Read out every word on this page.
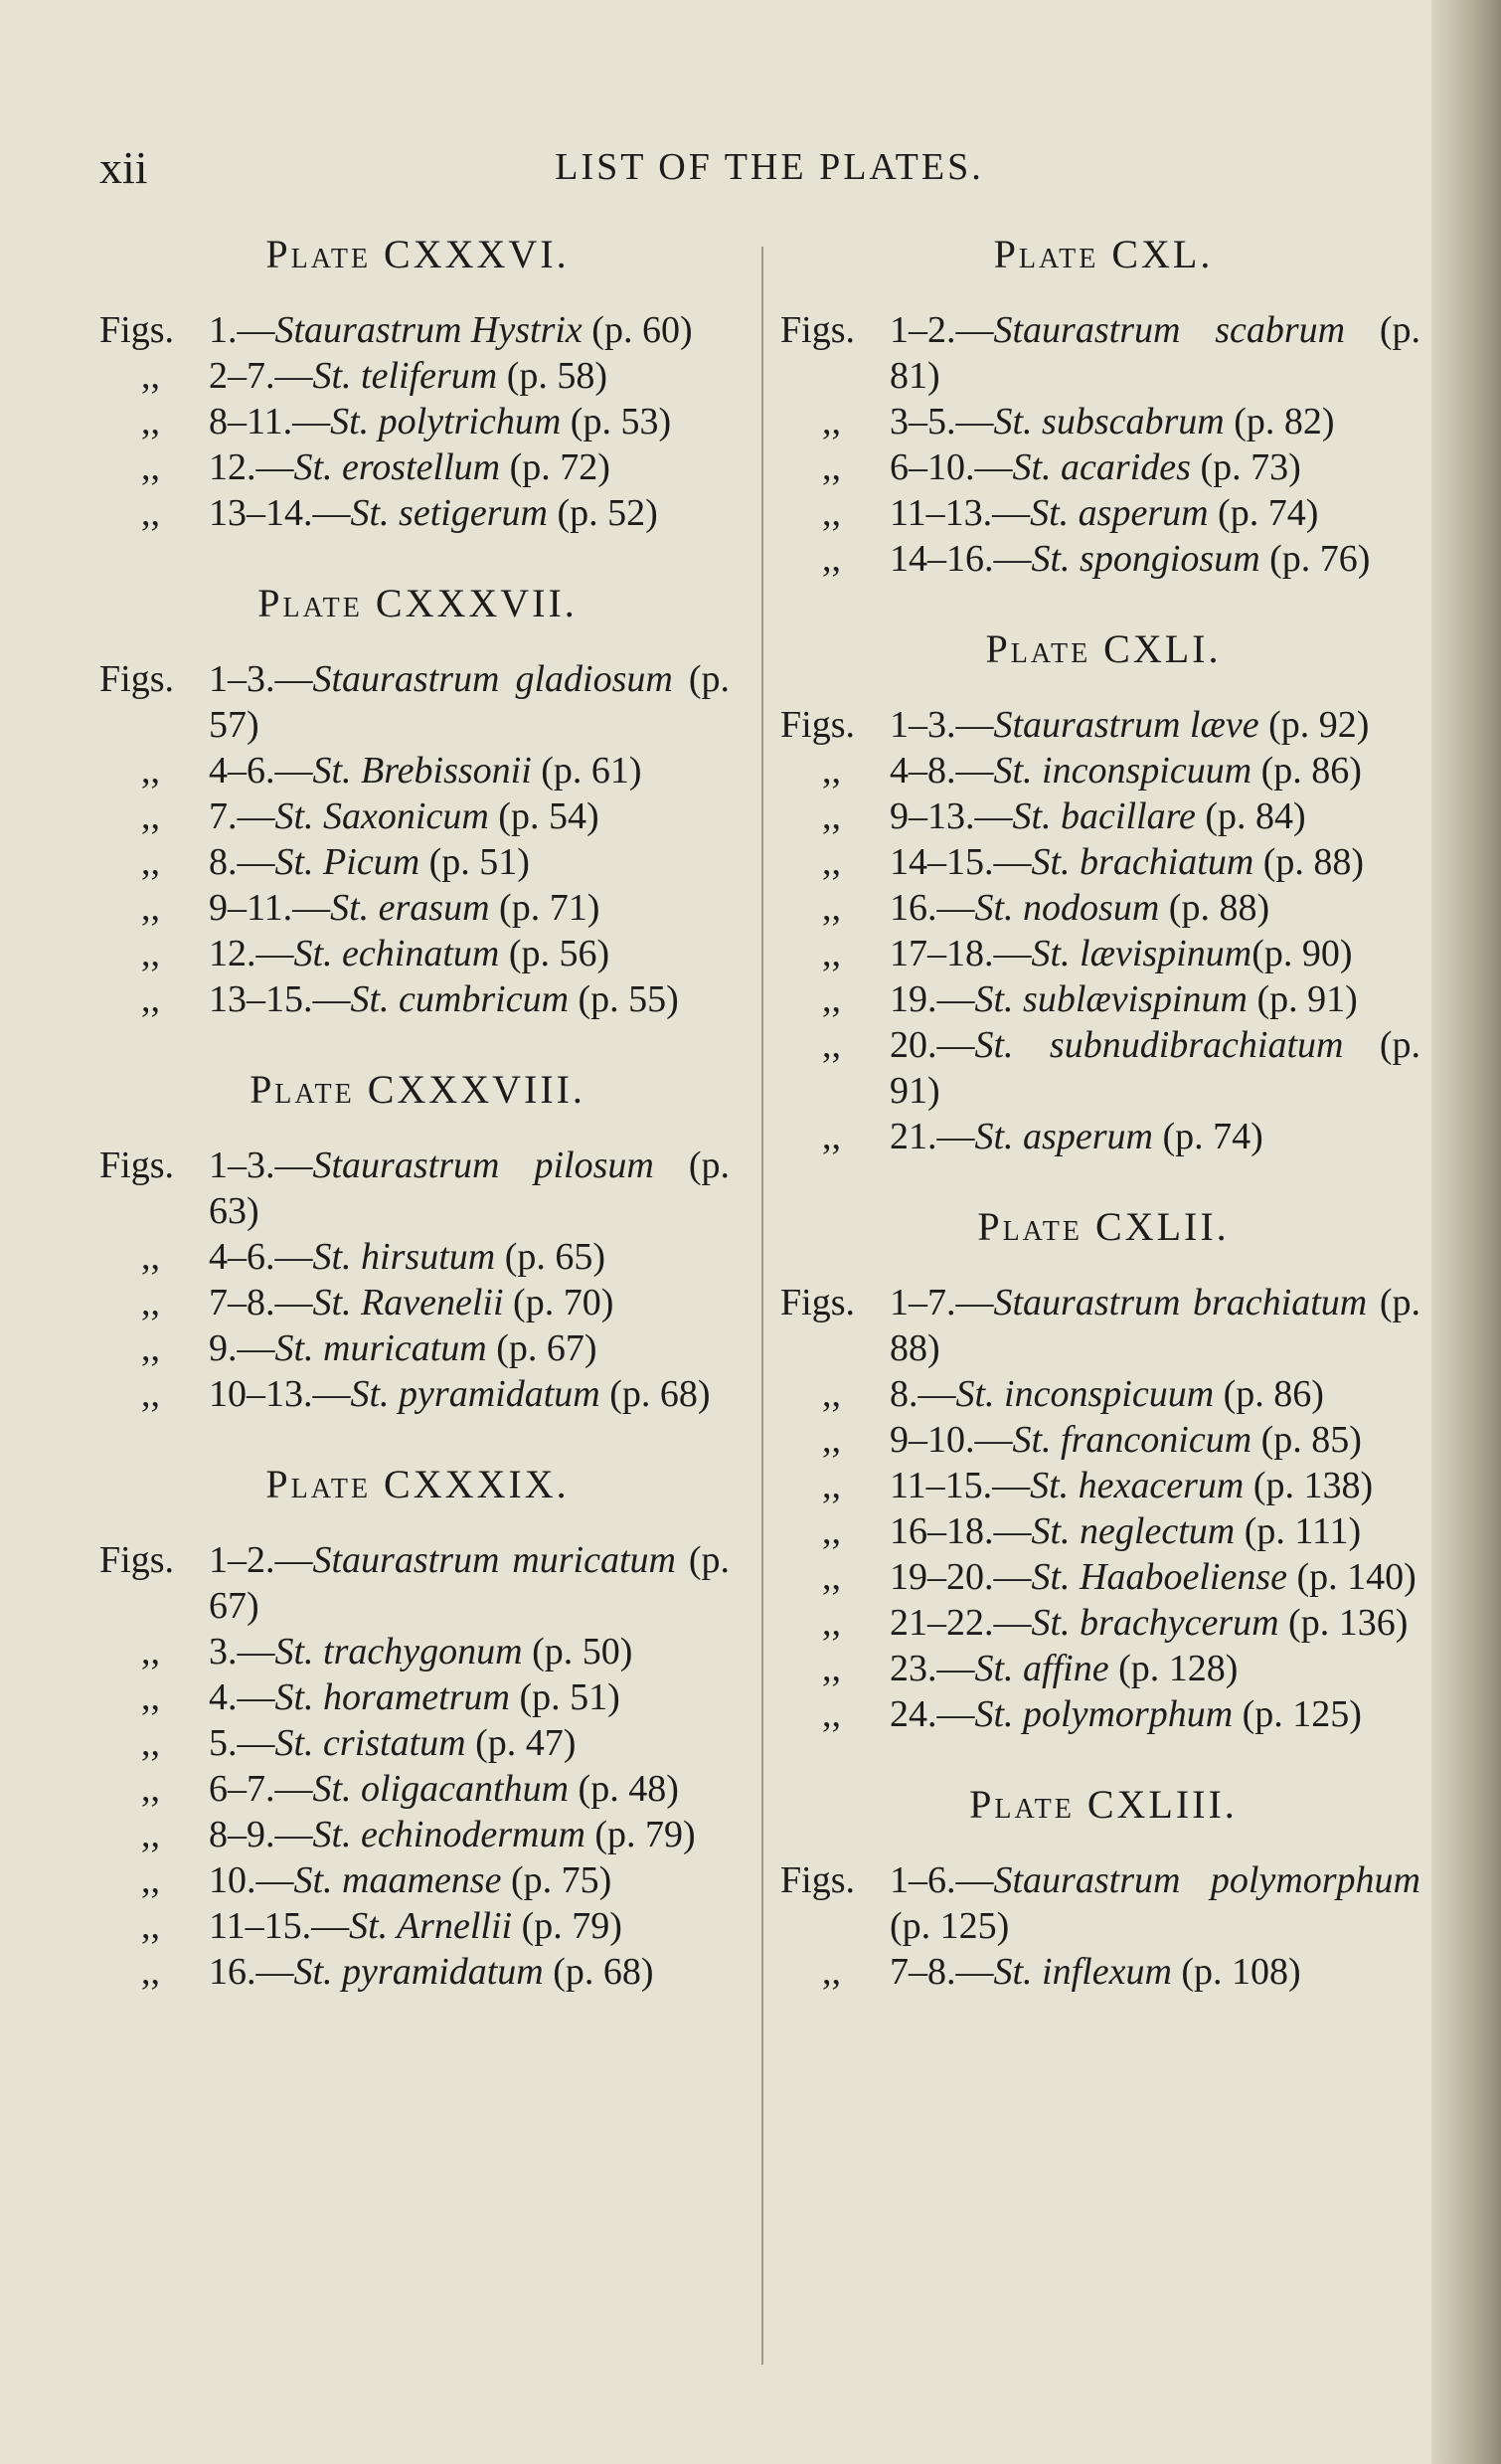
xii	LIST OF THE PLATES.
Plate CXXXVI.
Figs. 1.—Staurastrum Hystrix (p. 60)
,,	2–7.—St. teliferum (p. 58)
,,	8–11.—St. polytrichum (p. 53)
,,	12.—St. erostellum (p. 72)
,,	13–14.—St. setigerum (p. 52)
Plate CXXXVII.
Figs. 1–3.—Staurastrum gladiosum (p. 57)
,,	4–6.—St. Brebissonii (p. 61)
,,	7.—St. Saxonicum (p. 54)
,,	8.—St. Picum (p. 51)
,,	9–11.—St. erasum (p. 71)
,,	12.—St. echinatum (p. 56)
,,	13–15.—St. cumbricum (p. 55)
Plate CXXXVIII.
Figs. 1–3.—Staurastrum pilosum (p. 63)
,,	4–6.—St. hirsutum (p. 65)
,,	7–8.—St. Ravenelii (p. 70)
,,	9.—St. muricatum (p. 67)
,,	10–13.—St. pyramidatum (p. 68)
Plate CXXXIX.
Figs. 1–2.—Staurastrum muricatum (p. 67)
,,	3.—St. trachygonum (p. 50)
,,	4.—St. horametrum (p. 51)
,,	5.—St. cristatum (p. 47)
,,	6–7.—St. oligacanthum (p. 48)
,,	8–9.—St. echinodermum (p. 79)
,,	10.—St. maamense (p. 75)
,,	11–15.—St. Arnellii (p. 79)
,,	16.—St. pyramidatum (p. 68)
Plate CXL.
Figs. 1–2.—Staurastrum scabrum (p. 81)
,,	3–5.—St. subscabrum (p. 82)
,,	6–10.—St. acarides (p. 73)
,,	11–13.—St. asperum (p. 74)
,,	14–16.—St. spongiosum (p. 76)
Plate CXLI.
Figs. 1–3.—Staurastrum læve (p. 92)
,,	4–8.—St. inconspicuum (p. 86)
,,	9–13.—St. bacillare (p. 84)
,,	14–15.—St. brachiatum (p. 88)
,,	16.—St. nodosum (p. 88)
,,	17–18.—St. lævispinum(p. 90)
,,	19.—St. sublævispinum (p. 91)
,,	20.—St. subnudibrachiatum (p. 91)
,,	21.—St. asperum (p. 74)
Plate CXLII.
Figs. 1–7.—Staurastrum brachiatum (p. 88)
,,	8.—St. inconspicuum (p. 86)
,,	9–10.—St. franconicum (p. 85)
,,	11–15.—St. hexacerum (p. 138)
,,	16–18.—St. neglectum (p. 111)
,,	19–20.—St. Haaboeliense (p. 140)
,,	21–22.—St. brachycerum (p. 136)
,,	23.—St. affine (p. 128)
,,	24.—St. polymorphum (p. 125)
Plate CXLIII.
Figs. 1–6.—Staurastrum polymorphum (p. 125)
,,	7–8.—St. inflexum (p. 108)
